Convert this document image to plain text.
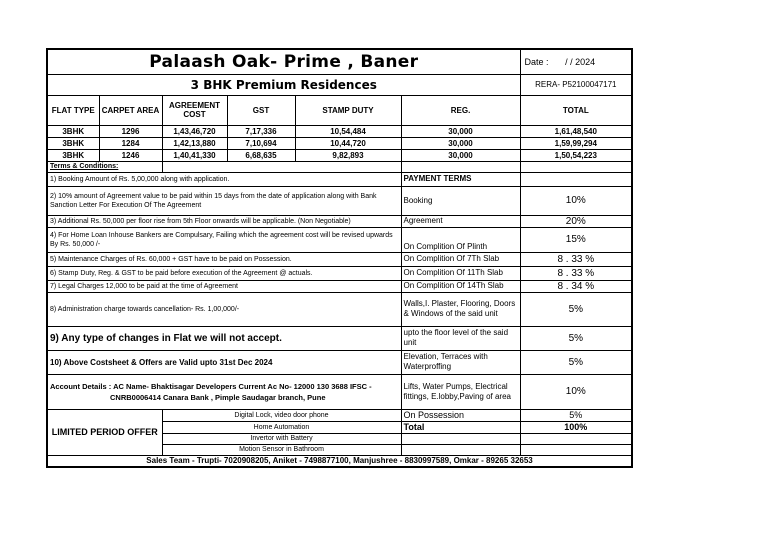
Palaash Oak- Prime , Baner						Date : / / 2024
3 BHK Premium Residences						RERA- P52100047171
FLAT TYPE	CARPET AREA	AGREEMENT COST	GST	STAMP DUTY	REG.	TOTAL
3BHK	1296	1,43,46,720	7,17,336	10,54,484	30,000	1,61,48,540
3BHK	1284	1,42,13,880	7,10,694	10,44,720	30,000	1,59,99,294
3BHK	1246	1,40,41,330	6,68,635	9,82,893	30,000	1,50,54,223
Terms & Conditions:						
1) Booking Amount of Rs. 5,00,000 along with application.					PAYMENT TERMS	
2) 10% amount of Agreement value to be paid within 15 days from the date of application along with Bank Sanction Letter For Execution Of The Agreement					Booking	10%
3) Additional Rs. 50,000 per floor rise from 5th Floor onwards will be applicable. (Non Negotiable)					Agreement	20%
4) For Home Loan Inhouse Bankers are Compulsary, Failing which the agreement cost will be revised upwards By Rs. 50,000 /-					On Complition Of Plinth	15%
5) Maintenance Charges of Rs. 60,000 + GST have to be paid on Possession.					On Complition Of 7Th Slab	8 . 33 %
6) Stamp Duty, Reg. & GST to be paid before execution of the Agreement @ actuals.					On Complition Of 11Th Slab	8 . 33 %
7) Legal Charges 12,000 to be paid at the time of Agreement					On Complition Of 14Th Slab	8 . 34 %
8) Administration charge towards cancellation- Rs. 1,00,000/-					Walls,I. Plaster, Flooring, Doors & Windows of the said unit	5%
9) Any type of changes in Flat we will not accept.					upto the floor level of the said unit	5%
10) Above Costsheet & Offers are Valid upto 31st Dec 2024					Elevation, Terraces with Waterproffing	5%

Account Details : AC Name- Bhaktisagar Developers Current Ac No- 12000 130 3688 IFSC -
CNRB0006414 Canara Bank , Pimple Saudagar branch, Pune					Lifts, Water Pumps, Electrical fittings, E.lobby,Paving of area	10%
LIMITED PERIOD OFFER		Digital Lock, video door phone			On Possession	5%
		Home Automation			Total	100%
		Invertor with Battery				
		Motion Sensor in Bathroom				
Sales Team - Trupti- 7020908205, Aniket - 7498877100, Manjushree - 8830997589, Omkar - 89265 32653						
